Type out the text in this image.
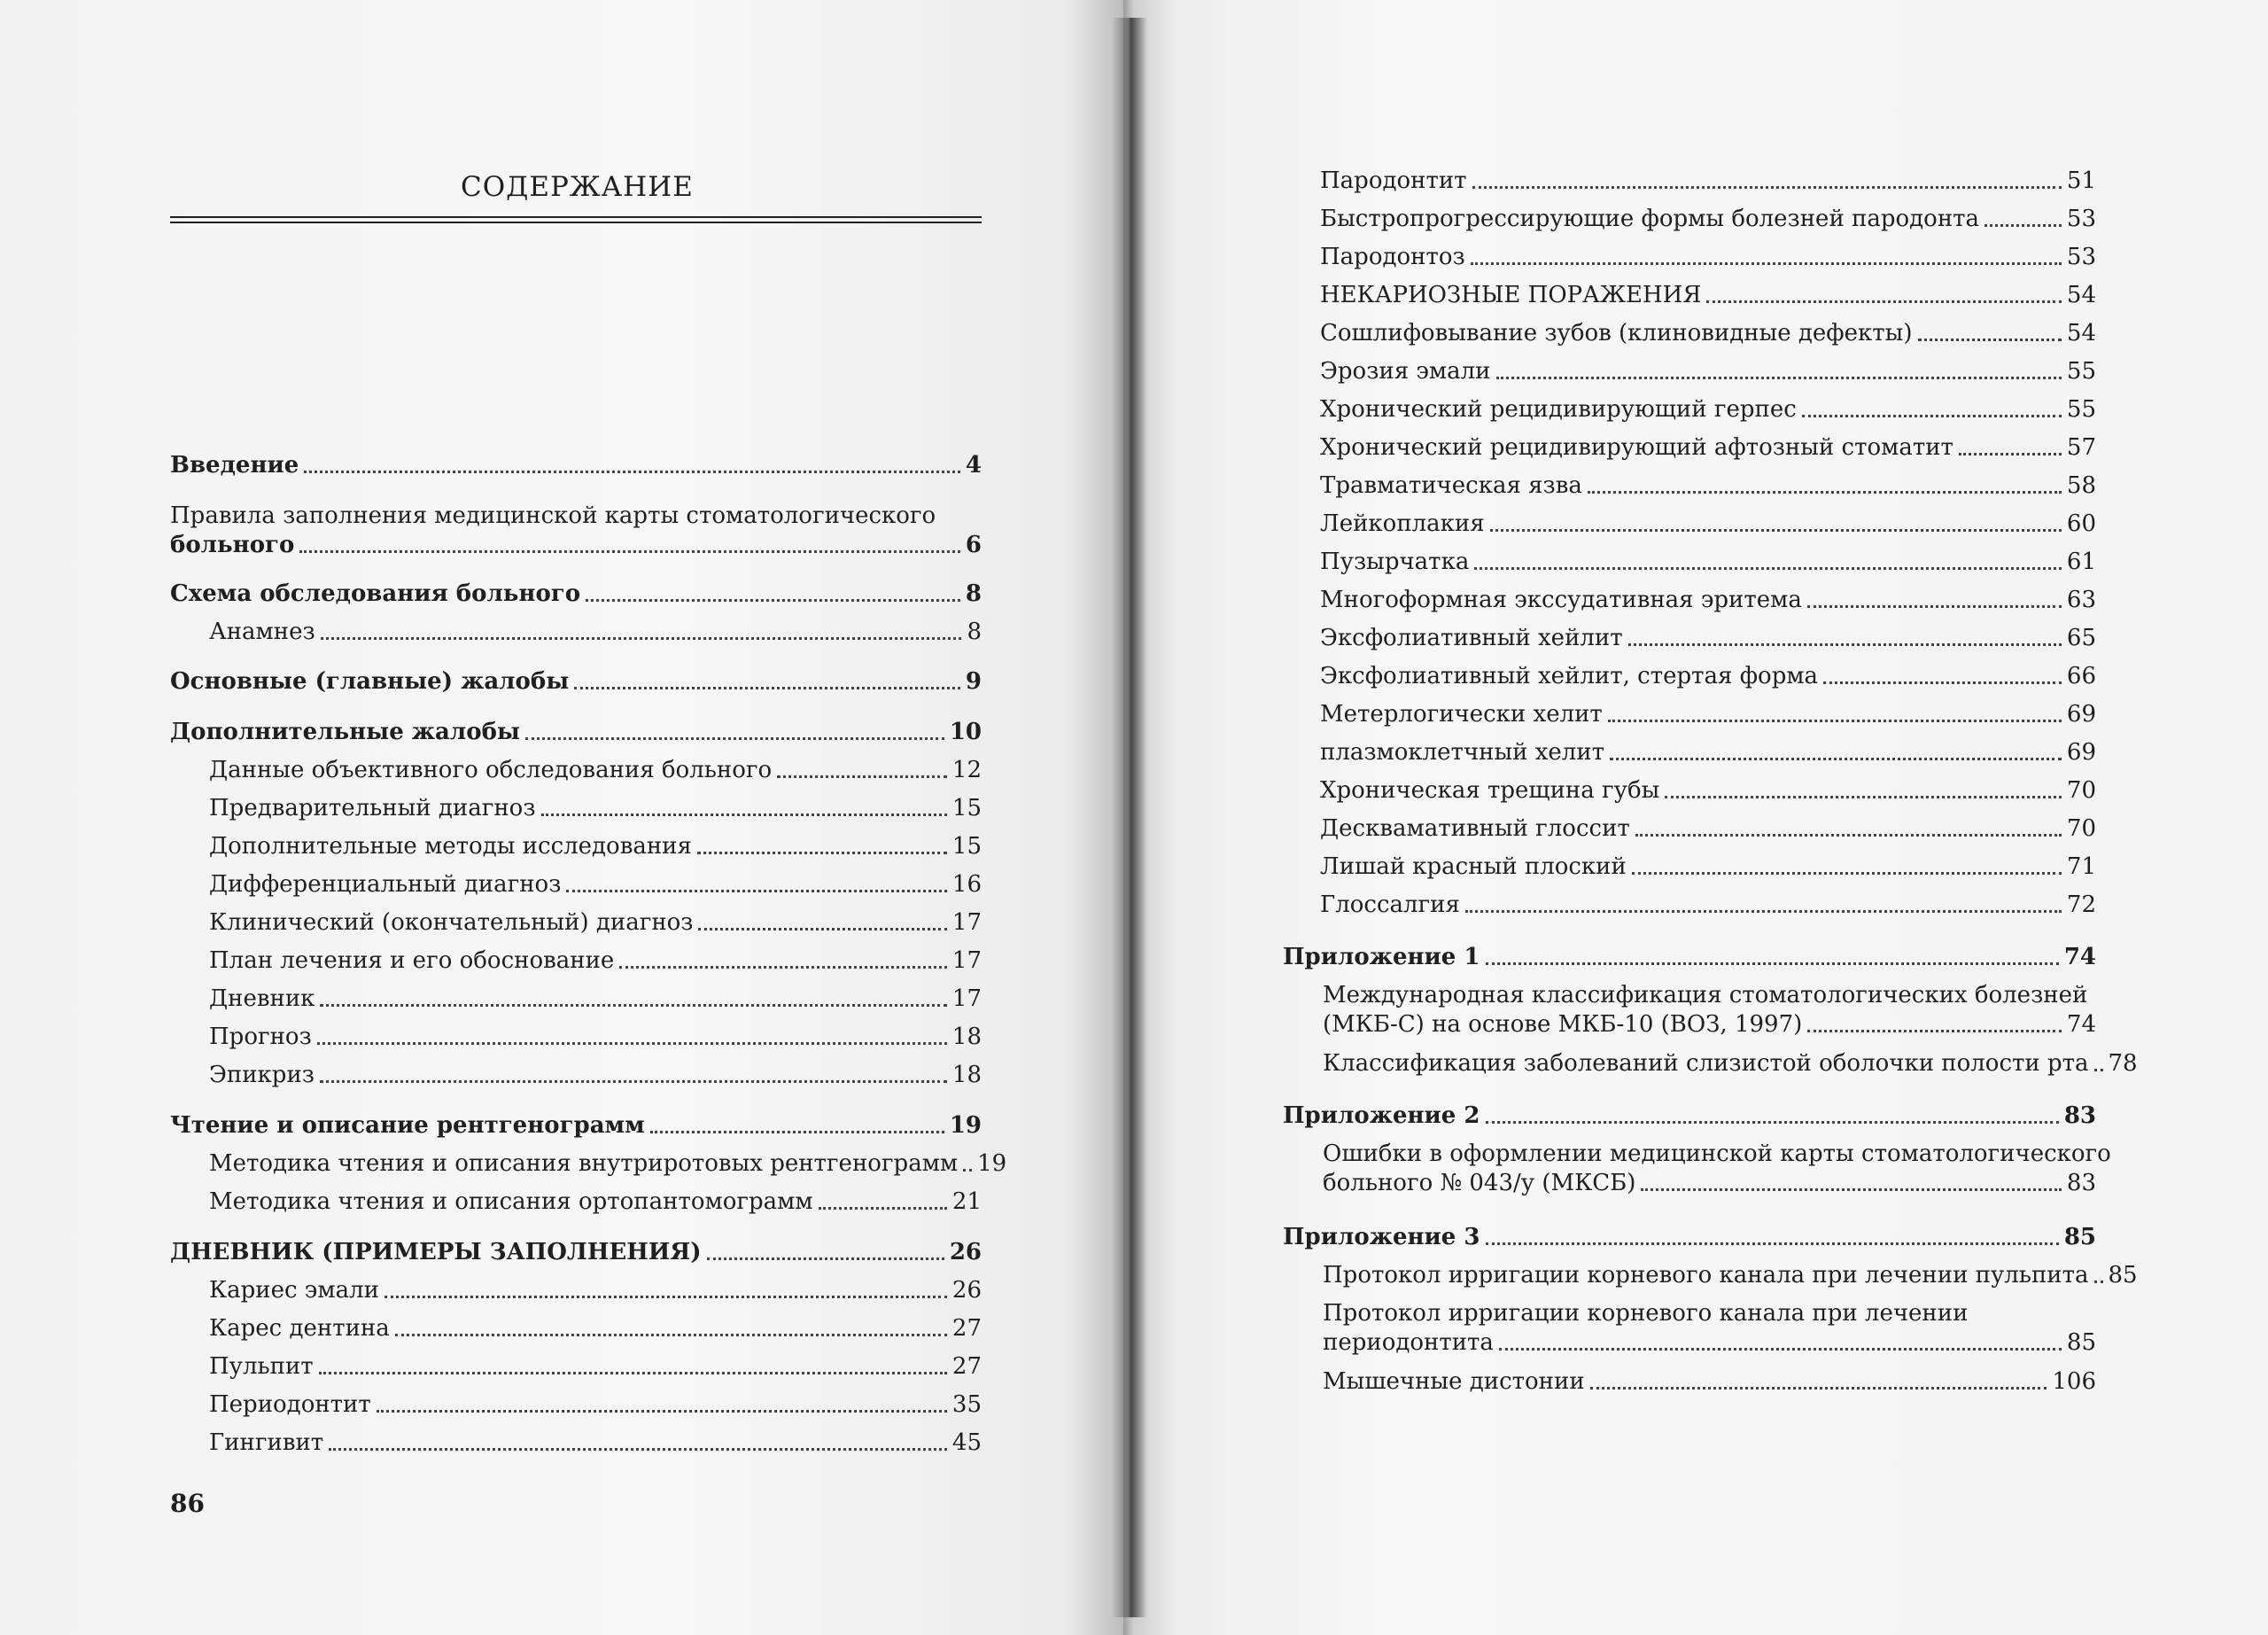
СОДЕРЖАНИЕ
Введение	4
Правила заполнения медицинской карты стоматологического
больного	6
Схема обследования больного	8
Анамнез	8
Основные (главные) жалобы	9
Дополнительные жалобы	10
Данные объективного обследования больного	12
Предварительный диагноз	15
Дополнительные методы исследования	15
Дифференциальный диагноз	16
Клинический (окончательный) диагноз	17
План лечения и его обоснование	17
Дневник	17
Прогноз	18
Эпикриз	18
Чтение и описание рентгенограмм	19
Методика чтения и описания внутриротовых рентгенограмм 19
Методика чтения и описания ортопантомограмм	21
ДНЕВНИК (ПРИМЕРЫ ЗАПОЛНЕНИЯ)	26
Кариес эмали	26
Карес дентина	27
Пульпит	27
Периодонтит	35
Гингивит	45
86
Пародонтит	51
Быстропрогрессирующие формы болезней пародонта	53
Пародонтоз	53
НЕКАРИОЗНЫЕ ПОРАЖЕНИЯ	54
Сошлифовывание зубов (клиновидные дефекты)	54
Эрозия эмали	55
Хронический рецидивирующий герпес	55
Хронический рецидивирующий афтозный стоматит	57
Травматическая язва	58
Лейкоплакия	60
Пузырчатка	61
Многоформная экссудативная эритема	63
Эксфолиативный хейлит	65
Эксфолиативный хейлит, стертая форма	66
Метерлогически хелит	69
плазмоклетчный хелит	69
Хроническая трещина губы	70
Десквамативный глоссит	70
Лишай красный плоский	71
Глоссалгия	72
Приложение 1	74
Международная классификация стоматологических болезней
(МКБ-С) на основе МКБ-10 (ВОЗ, 1997)	74
Классификация заболеваний слизистой оболочки полости рта 78
Приложение 2	83
Ошибки в оформлении медицинской карты стоматологического
больного № 043/у (МКСБ)	83
Приложение 3	85
Протокол ирригации корневого канала при лечении пульпита 85
Протокол ирригации корневого канала при лечении
периодонтита	85
Мышечные дистонии	106
